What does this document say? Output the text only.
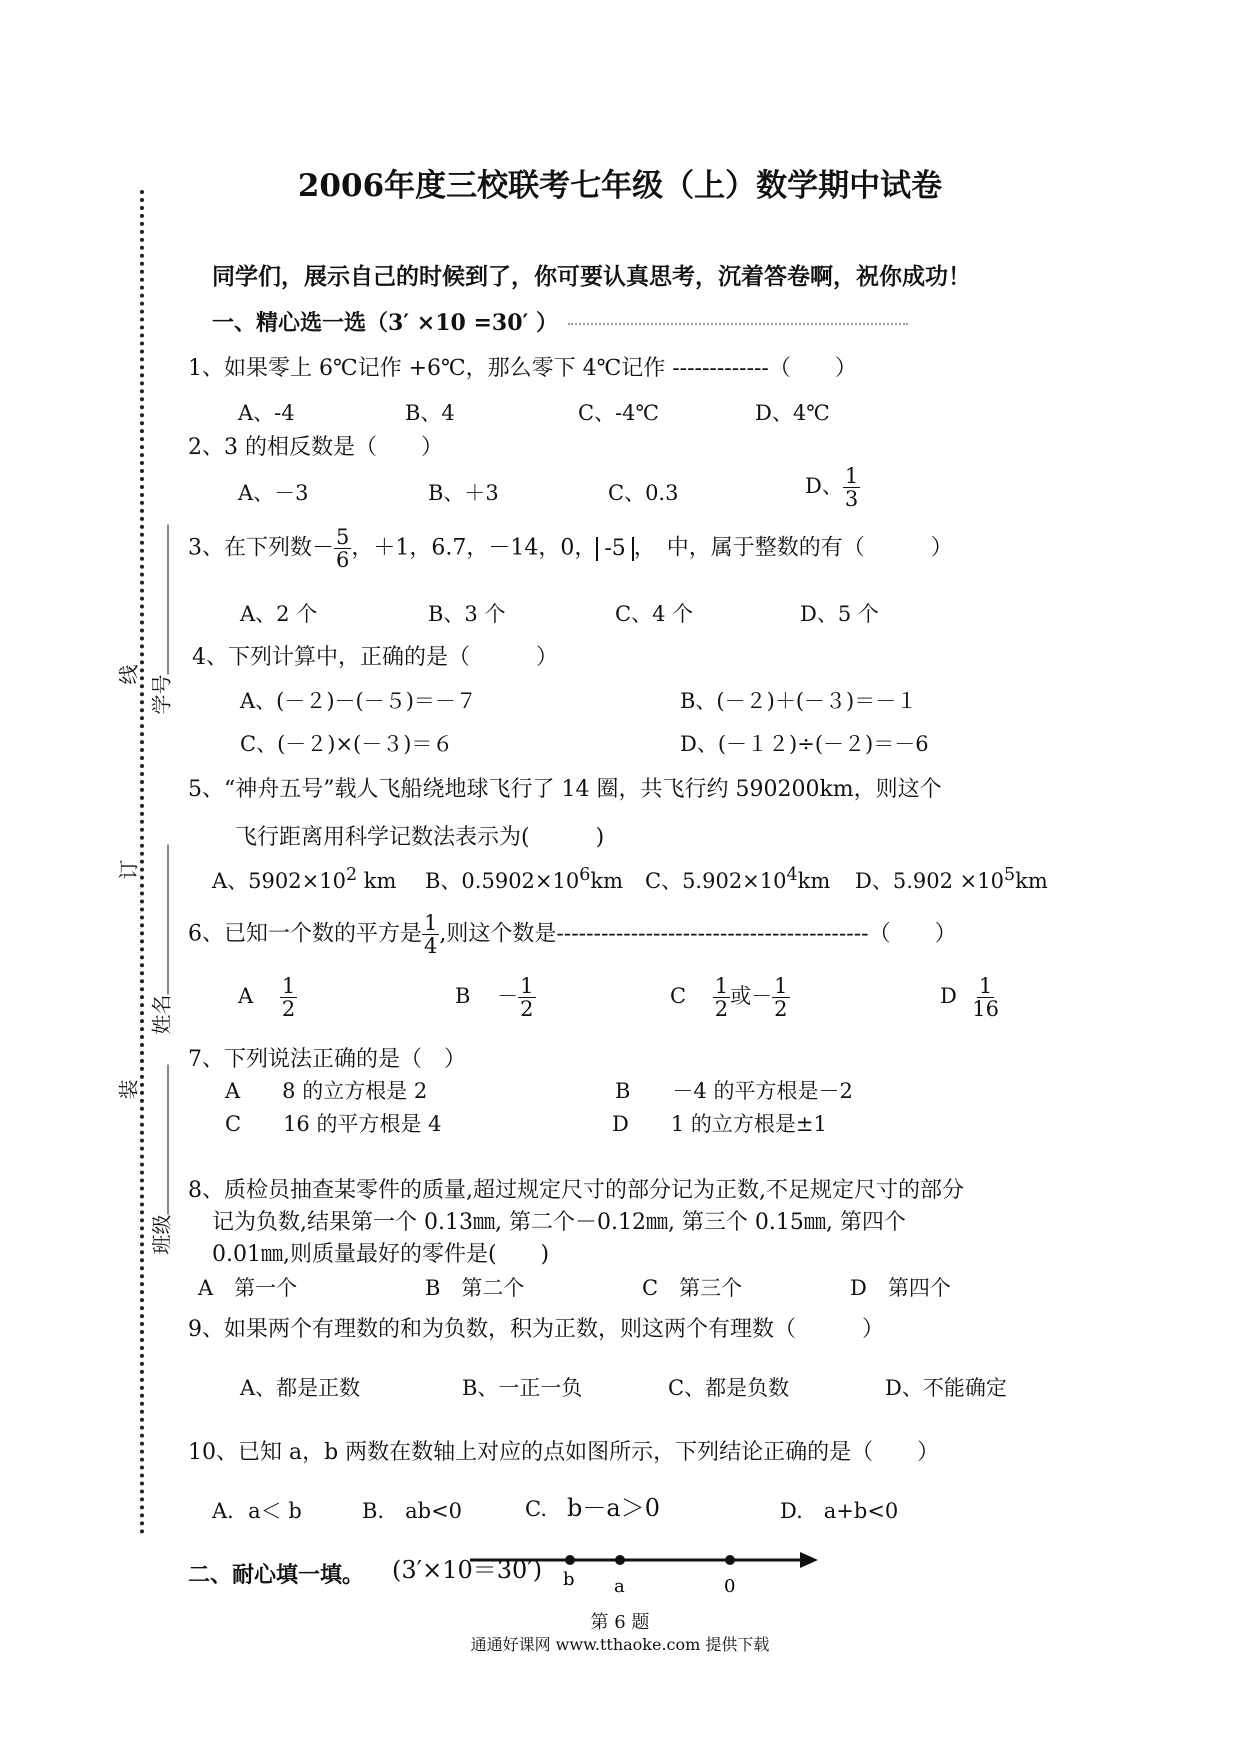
线
订
装
学号
姓名
班级
2006年度三校联考七年级（上）数学期中试卷
同学们，展示自己的时候到了，你可要认真思考，沉着答卷啊，祝你成功！
一、精心选一选（3′ ×10 =30′ ）
1、如果零上 6℃记作 +6℃，那么零下 4℃记作 -------------（　　）
A、-4	B、4	C、-4℃	D、4℃
2、3 的相反数是（　　）
A、－3	B、＋3	C、0.3	D、 $\frac{1}{3}$
3、在下列数－ $\frac{5}{6}$ ，＋1，6.7，－14，0， -5 ，　中，属于整数的有（　　　）
A、2 个	B、3 个	C、4 个	D、5 个
4、下列计算中，正确的是（　　　）
A、(－２)－(－５)＝－７	B、(－２)＋(－３)＝－１
C、(－２)×(－３)＝６	D、(－１２)÷(－２)＝－6
5、“神舟五号”载人飞船绕地球飞行了 14 圈，共飞行约 590200km，则这个
飞行距离用科学记数法表示为(　　　)
A、$5902\times 10^2$ km B、$0.5902\times 10^6km$ C、$5.902\times 10^4km$ D、$5.902 \times 10^5km$
6、已知一个数的平方是 $\frac{1}{4}$ ,则这个数是------------------------------------------（　　）
A $\frac{1}{2}$	$B - \frac{1}{2}$	C $\frac{1}{2}$ 或－ $\frac{1}{2}$	D $\frac{1}{16}$
7、下列说法正确的是（　）
A　　8 的立方根是 2	B　　－4 的平方根是－2
C　　16 的平方根是 4	D　　1 的立方根是±1
8、质检员抽查某零件的质量,超过规定尺寸的部分记为正数,不足规定尺寸的部分
记为负数,结果第一个 0.13㎜, 第二个－0.12㎜, 第三个 0.15㎜, 第四个
0.01㎜,则质量最好的零件是(　　)
A　第一个	B　第二个	C　第三个	D　第四个
9、如果两个有理数的和为负数，积为正数，则这两个有理数（　　　）
A、都是正数	B、一正一负	C、都是负数	D、不能确定
10、已知 a，b 两数在数轴上对应的点如图所示，下列结论正确的是（　　）
A．a＜ b	B.　ab<0	C. b－a＞0	D.　a+b<0
二、耐心填一填。 (3′×10＝30′) b a	0
第 6 题
通通好课网 www.tthaoke.com 提供下载
